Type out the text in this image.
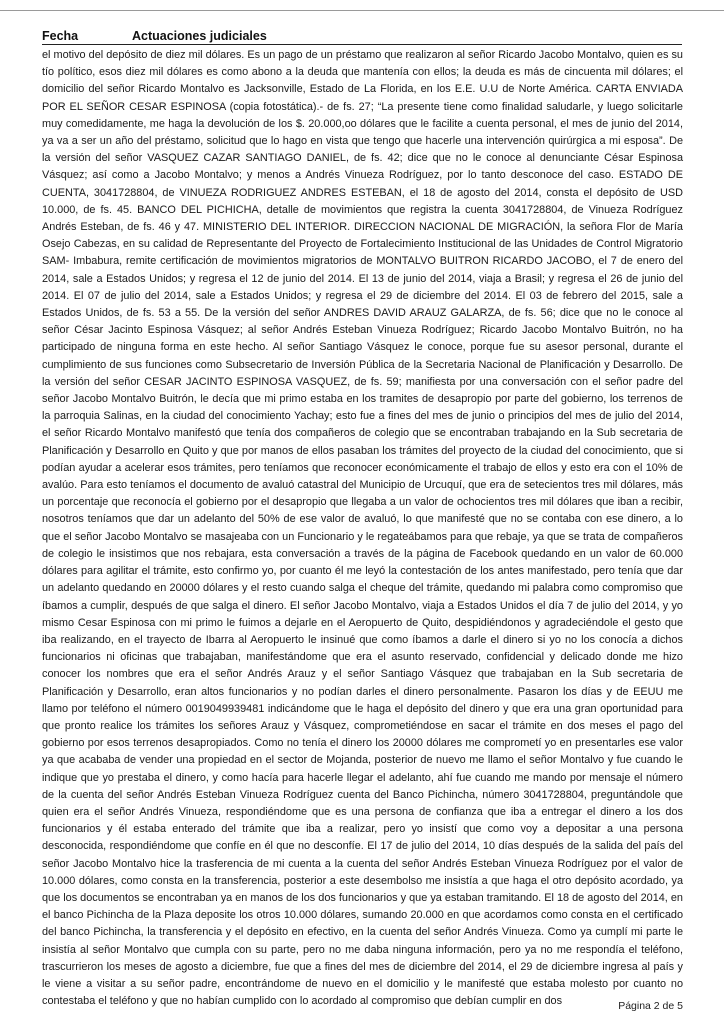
Fecha	Actuaciones judiciales

el motivo del depósito de diez mil dólares. Es un pago de un préstamo que realizaron al señor Ricardo Jacobo Montalvo, quien es su tío político, esos diez mil dólares es como abono a la deuda que mantenía con ellos; la deuda es más de cincuenta mil dólares; el domicilio del señor Ricardo Montalvo es Jacksonville, Estado de La Florida, en los E.E. U.U de Norte América. CARTA ENVIADA POR EL SEÑOR CESAR ESPINOSA (copia fotostática).- de fs. 27; “La presente tiene como finalidad saludarle, y luego solicitarle muy comedidamente, me haga la devolución de los $. 20.000,oo dólares que le facilite a cuenta personal, el mes de junio del 2014, ya va a ser un año del préstamo, solicitud que lo hago en vista que tengo que hacerle una intervención quirúrgica a mi esposa”. De la versión del señor VASQUEZ CAZAR SANTIAGO DANIEL, de fs. 42; dice que no le conoce al denunciante César Espinosa Vásquez; así como a Jacobo Montalvo; y menos a Andrés Vinueza Rodríguez, por lo tanto desconoce del caso. ESTADO DE CUENTA, 3041728804, de VINUEZA RODRIGUEZ ANDRES ESTEBAN, el 18 de agosto del 2014, consta el depósito de USD 10.000, de fs. 45. BANCO DEL PICHICHA, detalle de movimientos que registra la cuenta 3041728804, de Vinueza Rodríguez Andrés Esteban, de fs. 46 y 47. MINISTERIO DEL INTERIOR. DIRECCION NACIONAL DE MIGRACIÓN, la señora Flor de María Osejo Cabezas, en su calidad de Representante del Proyecto de Fortalecimiento Institucional de las Unidades de Control Migratorio SAM- Imbabura, remite certificación de movimientos migratorios de MONTALVO BUITRON RICARDO JACOBO, el 7 de enero del 2014, sale a Estados Unidos; y regresa el 12 de junio del 2014. El 13 de junio del 2014, viaja a Brasil; y regresa el 26 de junio del 2014. El 07 de julio del 2014, sale a Estados Unidos; y regresa el 29 de diciembre del 2014. El 03 de febrero del 2015, sale a Estados Unidos, de fs. 53 a 55. De la versión del señor ANDRES DAVID ARAUZ GALARZA, de fs. 56; dice que no le conoce al señor César Jacinto Espinosa Vásquez; al señor Andrés Esteban Vinueza Rodríguez; Ricardo Jacobo Montalvo Buitrón, no ha participado de ninguna forma en este hecho. Al señor Santiago Vásquez le conoce, porque fue su asesor personal, durante el cumplimiento de sus funciones como Subsecretario de Inversión Pública de la Secretaria Nacional de Planificación y Desarrollo. De la versión del señor CESAR JACINTO ESPINOSA VASQUEZ, de fs. 59; manifiesta por una conversación con el señor padre del señor Jacobo Montalvo Buitrón, le decía que mi primo estaba en los tramites de desapropio por parte del gobierno, los terrenos de la parroquia Salinas, en la ciudad del conocimiento Yachay; esto fue a fines del mes de junio o principios del mes de julio del 2014, el señor Ricardo Montalvo manifestó que tenía dos compañeros de colegio que se encontraban trabajando en la Sub secretaria de Planificación y Desarrollo en Quito y que por manos de ellos pasaban los trámites del proyecto de la ciudad del conocimiento, que si podían ayudar a acelerar esos trámites, pero teníamos que reconocer económicamente el trabajo de ellos y esto era con el 10% de avalúo. Para esto teníamos el documento de avaluó catastral del Municipio de Urcuquí, que era de setecientos tres mil dólares, más un porcentaje que reconocía el gobierno por el desapropio que llegaba a un valor de ochocientos tres mil dólares que iban a recibir, nosotros teníamos que dar un adelanto del 50% de ese valor de avaluó, lo que manifesté que no se contaba con ese dinero, a lo que el señor Jacobo Montalvo se masajeaba con un Funcionario y le regateábamos para que rebaje, ya que se trata de compañeros de colegio le insistimos que nos rebajara, esta conversación a través de la página de Facebook quedando en un valor de 60.000 dólares para agilitar el trámite, esto confirmo yo, por cuanto él me leyó la contestación de los antes manifestado, pero tenía que dar un adelanto quedando en 20000 dólares y el resto cuando salga el cheque del trámite, quedando mi palabra como compromiso que íbamos a cumplir, después de que salga el dinero. El señor Jacobo Montalvo, viaja a Estados Unidos el día 7 de julio del 2014, y yo mismo Cesar Espinosa con mi primo le fuimos a dejarle en el Aeropuerto de Quito, despidiéndonos y agradeciéndole el gesto que iba realizando, en el trayecto de Ibarra al Aeropuerto le insinué que como íbamos a darle el dinero si yo no los conocía a dichos funcionarios ni oficinas que trabajaban, manifestándome que era el asunto reservado, confidencial y delicado donde me hizo conocer los nombres que era el señor Andrés Arauz y el señor Santiago Vásquez que trabajaban en la Sub secretaria de Planificación y Desarrollo, eran altos funcionarios y no podían darles el dinero personalmente. Pasaron los días y de EEUU me llamo por teléfono el número 0019049939481 indicándome que le haga el depósito del dinero y que era una gran oportunidad para que pronto realice los trámites los señores Arauz y Vásquez, comprometiéndose en sacar el trámite en dos meses el pago del gobierno por esos terrenos desapropiados. Como no tenía el dinero los 20000 dólares me comprometí yo en presentarles ese valor ya que acababa de vender una propiedad en el sector de Mojanda, posterior de nuevo me llamo el señor Montalvo y fue cuando le indique que yo prestaba el dinero, y como hacía para hacerle llegar el adelanto, ahí fue cuando me mando por mensaje el número de la cuenta del señor Andrés Esteban Vinueza Rodríguez cuenta del Banco Pichincha, número 3041728804, preguntándole que quien era el señor Andrés Vinueza, respondiéndome que es una persona de confianza que iba a entregar el dinero a los dos funcionarios y él estaba enterado del trámite que iba a realizar, pero yo insistí que como voy a depositar a una persona desconocida, respondiéndome que confíe en él que no desconfíe. El 17 de julio del 2014, 10 días después de la salida del país del señor Jacobo Montalvo hice la trasferencia de mi cuenta a la cuenta del señor Andrés Esteban Vinueza Rodríguez por el valor de 10.000 dólares, como consta en la transferencia, posterior a este desembolso me insistía a que haga el otro depósito acordado, ya que los documentos se encontraban ya en manos de los dos funcionarios y que ya estaban tramitando. El 18 de agosto del 2014, en el banco Pichincha de la Plaza deposite los otros 10.000 dólares, sumando 20.000 en que acordamos como consta en el certificado del banco Pichincha, la transferencia y el depósito en efectivo, en la cuenta del señor Andrés Vinueza. Como ya cumplí mi parte le insistía al señor Montalvo que cumpla con su parte, pero no me daba ninguna información, pero ya no me respondía el teléfono, trascurrieron los meses de agosto a diciembre, fue que a fines del mes de diciembre del 2014, el 29 de diciembre ingresa al país y le viene a visitar a su señor padre, encontrándome de nuevo en el domicilio y le manifesté que estaba molesto por cuanto no contestaba el teléfono y que no habían cumplido con lo acordado al compromiso que debían cumplir en dos	Página 2 de 5
